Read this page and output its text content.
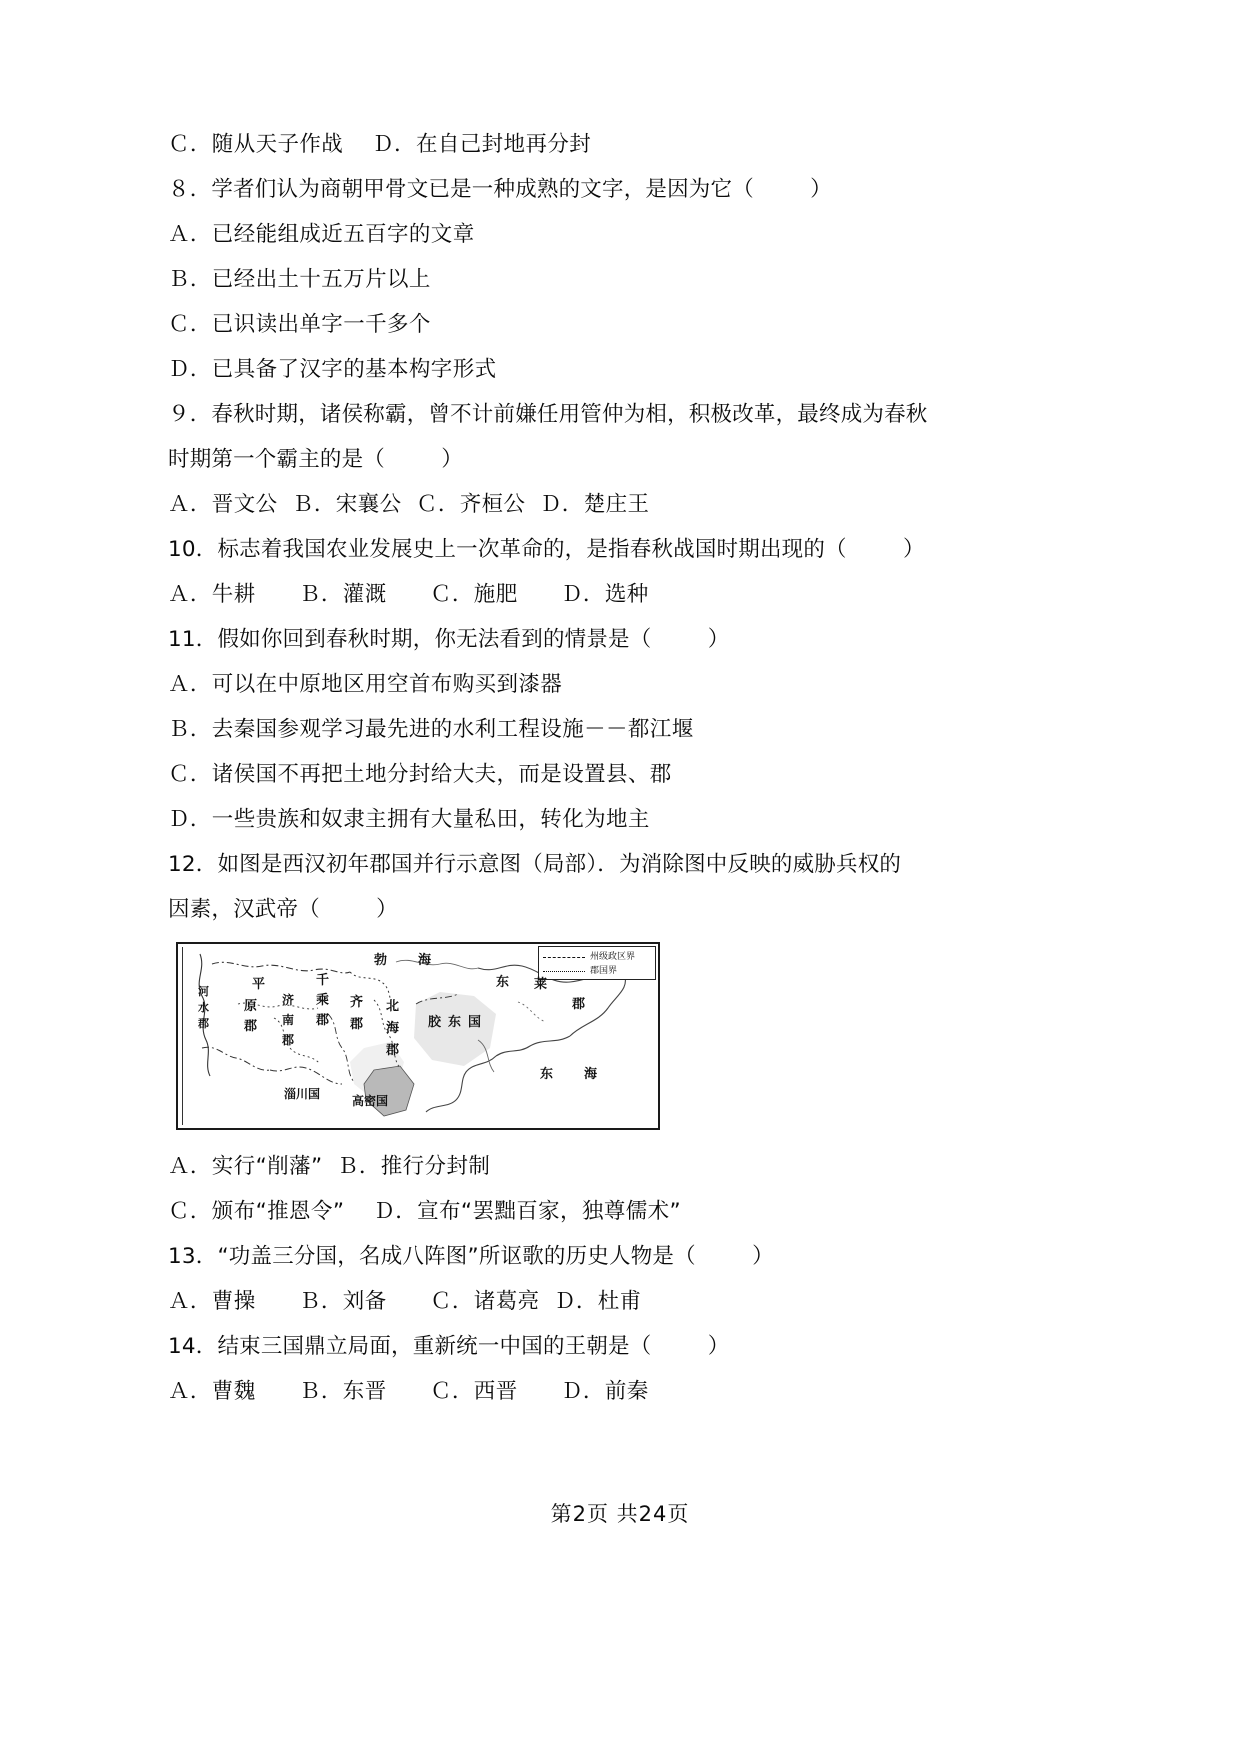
Ｃ．随从天子作战    Ｄ．在自己封地再分封
８．学者们认为商朝甲骨文已是一种成熟的文字，是因为它（        ）
Ａ．已经能组成近五百字的文章
Ｂ．已经出土十五万片以上
Ｃ．已识读出单字一千多个
Ｄ．已具备了汉字的基本构字形式
９．春秋时期，诸侯称霸，曾不计前嫌任用管仲为相，积极改革，最终成为春秋
时期第一个霸主的是（        ）
Ａ．晋文公  Ｂ．宋襄公  Ｃ．齐桓公  Ｄ．楚庄王
10．标志着我国农业发展史上一次革命的，是指春秋战国时期出现的（        ）
Ａ．牛耕      Ｂ．灌溉      Ｃ．施肥      Ｄ．选种
11．假如你回到春秋时期，你无法看到的情景是（        ）
Ａ．可以在中原地区用空首布购买到漆器
Ｂ．去秦国参观学习最先进的水利工程设施－－都江堰
Ｃ．诸侯国不再把土地分封给大夫，而是设置县、郡
Ｄ．一些贵族和奴隶主拥有大量私田，转化为地主
12．如图是西汉初年郡国并行示意图（局部）．为消除图中反映的威胁兵权的
因素，汉武帝（        ）
州级政区界
郡国界
河
水
郡
平
原
郡
济
南
郡
千
乘
郡
齐
郡
北
海
郡
胶 东 国
勃 海
东 莱
郡
东 海
淄川国	高密国
Ａ．实行“削藩”  Ｂ．推行分封制
Ｃ．颁布“推恩令”    Ｄ．宣布“罢黜百家，独尊儒术”
13．“功盖三分国，名成八阵图”所讴歌的历史人物是（        ）
Ａ．曹操      Ｂ．刘备      Ｃ．诸葛亮  Ｄ．杜甫
14．结束三国鼎立局面，重新统一中国的王朝是（        ）
Ａ．曹魏      Ｂ．东晋      Ｃ．西晋      Ｄ．前秦
第2页 共24页
